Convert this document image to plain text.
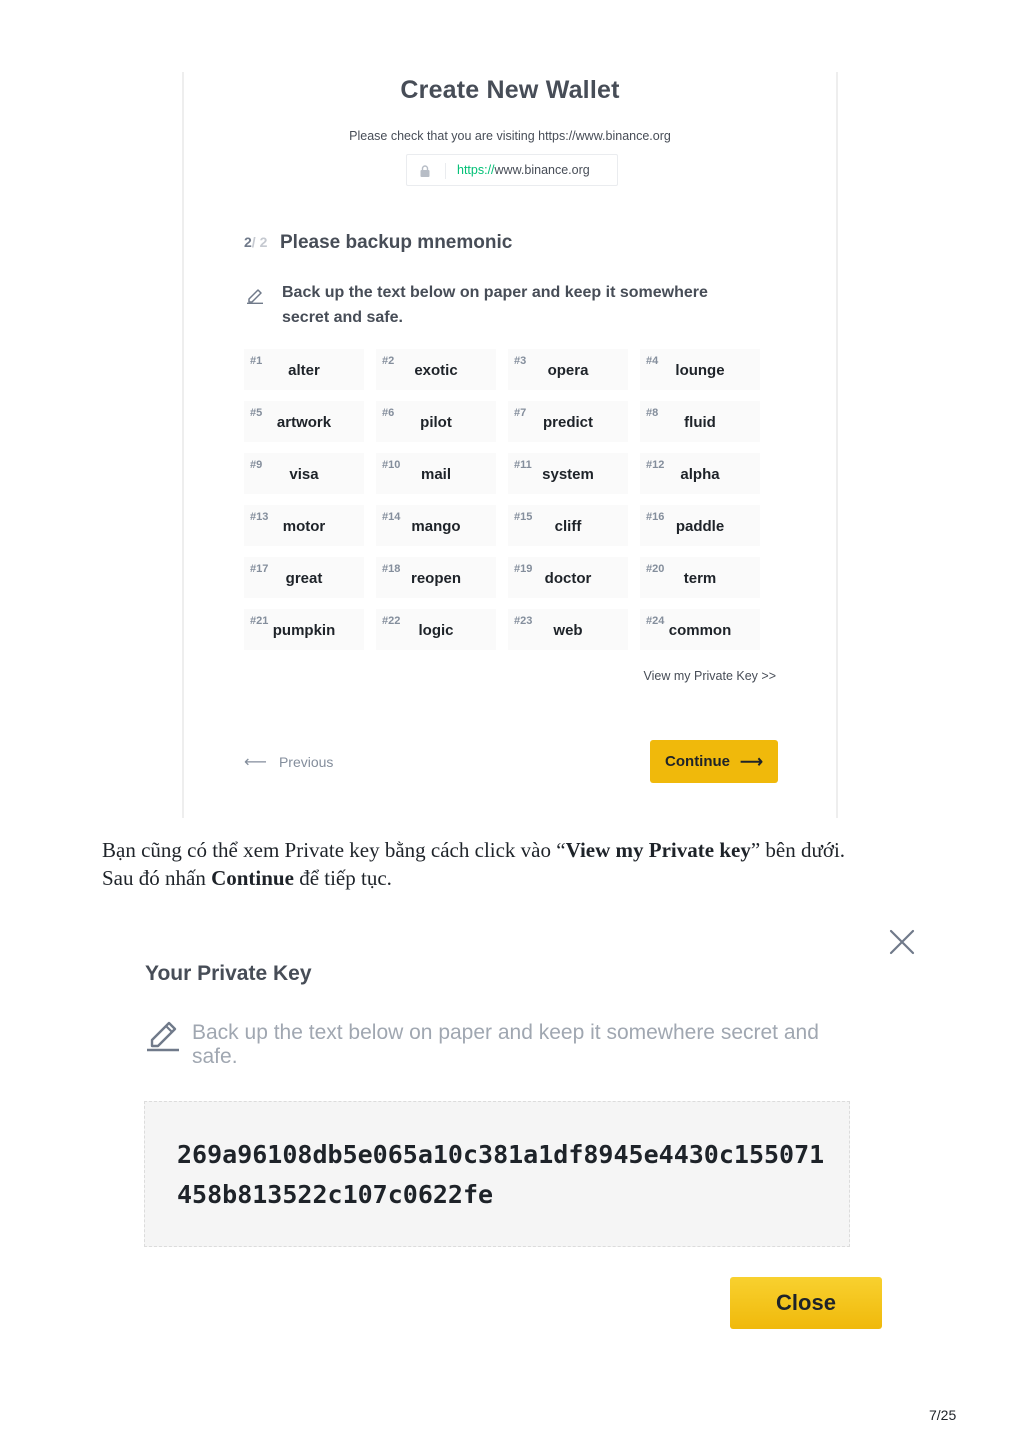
Create New Wallet

Please check that you are visiting https://www.binance.org

https://www.binance.org
2/ 2 Please backup mnemonic

Back up the text below on paper and keep it somewhere secret and safe.

#1
alter
#2
exotic
#3
opera
#4
lounge
#5
artwork
#6
pilot
#7
predict
#8
fluid
#9
visa
#10
mail
#11
system
#12
alpha
#13
motor
#14
mango
#15
cliff
#16
paddle
#17
great
#18
reopen
#19
doctor
#20
term
#21
pumpkin
#22
logic
#23
web
#24
common
View my Private Key >>
⟵ Previous	Continue ⟶

Bạn cũng có thể xem Private key bằng cách click vào “View my Private key” bên dưới.
Sau đó nhấn Continue để tiếp tục.

Your Private Key

Back up the text below on paper and keep it somewhere secret and safe.

269a96108db5e065a10c381a1df8945e4430c155071458b813522c107c0622fe
Close
7/25
